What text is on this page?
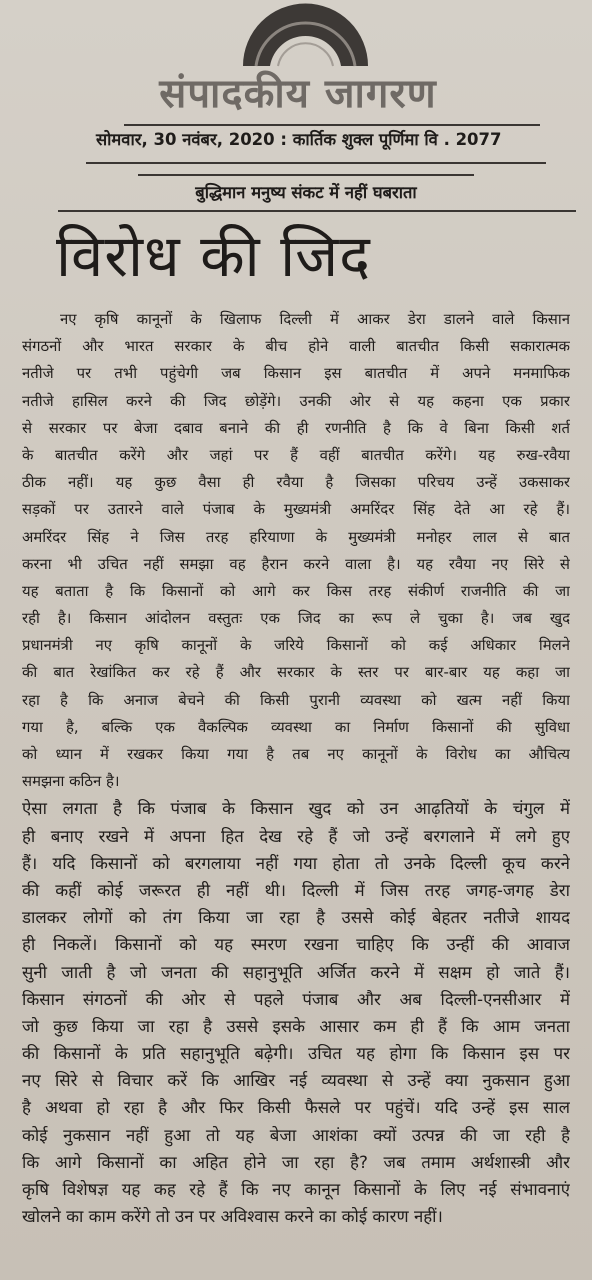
संपादकीय जागरण
सोमवार, 30 नवंबर, 2020 : कार्तिक शुक्ल पूर्णिमा वि . 2077
बुद्धिमान मनुष्य संकट में नहीं घबराता
विरोध की जिद
नए कृषि कानूनों के खिलाफ दिल्ली में आकर डेरा डालने वाले किसान
संगठनों और भारत सरकार के बीच होने वाली बातचीत किसी सकारात्मक
नतीजे पर तभी पहुंचेगी जब किसान इस बातचीत में अपने मनमाफिक
नतीजे हासिल करने की जिद छोड़ेंगे। उनकी ओर से यह कहना एक प्रकार
से सरकार पर बेजा दबाव बनाने की ही रणनीति है कि वे बिना किसी शर्त
के बातचीत करेंगे और जहां पर हैं वहीं बातचीत करेंगे। यह रुख-रवैया
ठीक नहीं। यह कुछ वैसा ही रवैया है जिसका परिचय उन्हें उकसाकर
सड़कों पर उतारने वाले पंजाब के मुख्यमंत्री अमरिंदर सिंह देते आ रहे हैं।
अमरिंदर सिंह ने जिस तरह हरियाणा के मुख्यमंत्री मनोहर लाल से बात
करना भी उचित नहीं समझा वह हैरान करने वाला है। यह रवैया नए सिरे से
यह बताता है कि किसानों को आगे कर किस तरह संकीर्ण राजनीति की जा
रही है। किसान आंदोलन वस्तुतः एक जिद का रूप ले चुका है। जब खुद
प्रधानमंत्री नए कृषि कानूनों के जरिये किसानों को कई अधिकार मिलने
की बात रेखांकित कर रहे हैं और सरकार के स्तर पर बार-बार यह कहा जा
रहा है कि अनाज बेचने की किसी पुरानी व्यवस्था को खत्म नहीं किया
गया है, बल्कि एक वैकल्पिक व्यवस्था का निर्माण किसानों की सुविधा
को ध्यान में रखकर किया गया है तब नए कानूनों के विरोध का औचित्य
समझना कठिन है।
ऐसा लगता है कि पंजाब के किसान खुद को उन आढ़तियों के चंगुल में
ही बनाए रखने में अपना हित देख रहे हैं जो उन्हें बरगलाने में लगे हुए
हैं। यदि किसानों को बरगलाया नहीं गया होता तो उनके दिल्ली कूच करने
की कहीं कोई जरूरत ही नहीं थी। दिल्ली में जिस तरह जगह-जगह डेरा
डालकर लोगों को तंग किया जा रहा है उससे कोई बेहतर नतीजे शायद
ही निकलें। किसानों को यह स्मरण रखना चाहिए कि उन्हीं की आवाज
सुनी जाती है जो जनता की सहानुभूति अर्जित करने में सक्षम हो जाते हैं।
किसान संगठनों की ओर से पहले पंजाब और अब दिल्ली-एनसीआर में
जो कुछ किया जा रहा है उससे इसके आसार कम ही हैं कि आम जनता
की किसानों के प्रति सहानुभूति बढ़ेगी। उचित यह होगा कि किसान इस पर
नए सिरे से विचार करें कि आखिर नई व्यवस्था से उन्हें क्या नुकसान हुआ
है अथवा हो रहा है और फिर किसी फैसले पर पहुंचें। यदि उन्हें इस साल
कोई नुकसान नहीं हुआ तो यह बेजा आशंका क्यों उत्पन्न की जा रही है
कि आगे किसानों का अहित होने जा रहा है? जब तमाम अर्थशास्त्री और
कृषि विशेषज्ञ यह कह रहे हैं कि नए कानून किसानों के लिए नई संभावनाएं
खोलने का काम करेंगे तो उन पर अविश्वास करने का कोई कारण नहीं।
